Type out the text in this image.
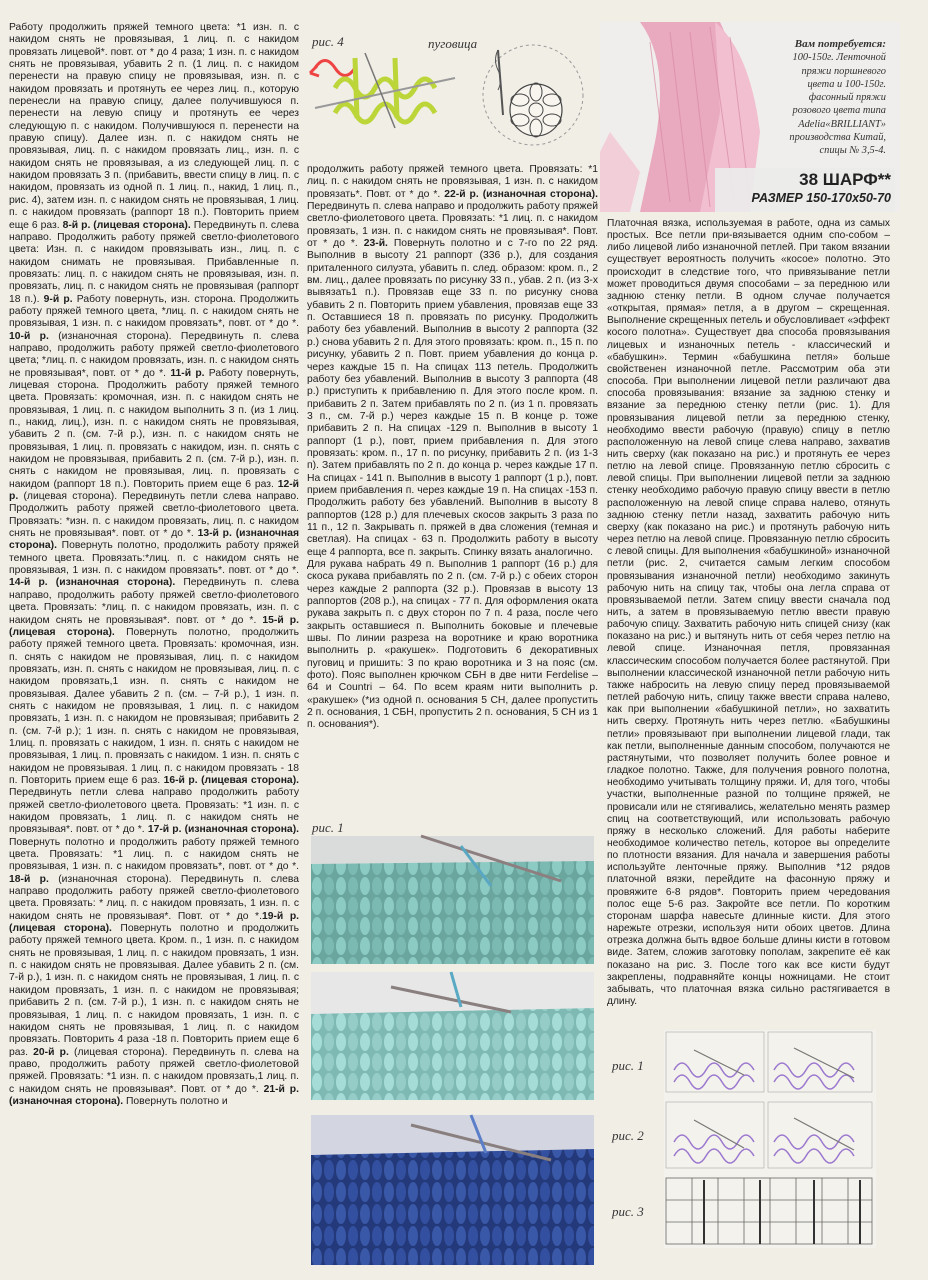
Работу продолжить пряжей темного цвета: *1 изн. п. с накидом снять не провязывая, 1 лиц. п. с накидом провязать лицевой*. повт. от * до 4 раза; 1 изн. п. с накидом снять не провязывая, убавить 2 п. (1 лиц. п. с накидом перенести на правую спицу не провязывая, изн. п. с накидом провязать и протянуть ее через лиц. п., которую перенесли на правую спицу, далее получившуюся п. перенести на левую спицу и протянуть ее через следующую п. с накидом. Получившуюся п. перенести на правую спицу). Далее изн. п. с накидом снять не провязывая, лиц. п. с накидом провязать лиц., изн. п. с накидом снять не провязывая, а из следующей лиц. п. с накидом провязать 3 п. (прибавить, ввести спицу в лиц. п. с накидом, провязать из одной п. 1 лиц. п., накид, 1 лиц. п., рис. 4), затем изн. п. с накидом снять не провязывая, 1 лиц. п. с накидом провязать (раппорт 18 п.). Повторить прием еще 6 раз. 8-й р. (лицевая сторона). Передвинуть п. слева направо. Продолжить работу пряжей светло-фиолетового цвета: Изн. п. с накидом провязывать изн., лиц. п. с накидом снимать не провязывая. Прибавленные п. провязать: лиц. п. с накидом снять не провязывая, изн. п. провязать, лиц. п. с накидом снять не провязывая (раппорт 18 п.). 9-й р. Работу повернуть, изн. сторона. Продолжить работу пряжей темного цвета, *лиц. п. с накидом снять не провязывая, 1 изн. п. с накидом провязать*, повт. от * до *. 10-й р. (изнаночная сторона). Передвинуть п. слева направо, продолжить работу пряжей светло-фиолетового цвета; *лиц. п. с накидом провязать, изн. п. с накидом снять не провязывая*, повт. от * до *. 11-й р. Работу повернуть, лицевая сторона. Продолжить работу пряжей темного цвета. Провязать: кромочная, изн. п. с накидом снять не провязывая, 1 лиц. п. с накидом выполнить 3 п. (из 1 лиц. п., накид, лиц.), изн. п. с накидом снять не провязывая, убавить 2 п. (см. 7-й р.), изн. п. с накидом снять не провязывая, 1 лиц. п. провязать с накидом, изн. п. снять с накидом не провязывая, прибавить 2 п. (см. 7-й р.), изн. п. снять с накидом не провязывая, лиц. п. провязать с накидом (раппорт 18 п.). Повторить прием еще 6 раз. 12-й р. (лицевая сторона). Передвинуть петли слева направо. Продолжить работу пряжей светло-фиолетового цвета. Провязать: *изн. п. с накидом провязать, лиц. п. с накидом снять не провязывая*. повт. от * до *. 13-й р. (изнаночная сторона). Повернуть полотно, продолжить работу пряжей темного цвета. Провязать:*лиц. п. с накидом снять не провязывая, 1 изн. п. с накидом провязать*. повт. от * до *. 14-й р. (изнаночная сторона). Передвинуть п. слева направо, продолжить работу пряжей светло-фиолетового цвета. Провязать: *лиц. п. с накидом провязать, изн. п. с накидом снять не провязывая*. повт. от * до *. 15-й р. (лицевая сторона). Повернуть полотно, продолжить работу пряжей темного цвета. Провязать: кромочная, изн. п. снять с накидом не провязывая, лиц. п. с накидом провязать, изн. п. снять с накидом не провязывая, лиц. п. с накидом провязать,1 изн. п. снять с накидом не провязывая. Далее убавить 2 п. (см. – 7-й р.), 1 изн. п. снять с накидом не провязывая, 1 лиц. п. с накидом провязать, 1 изн. п. с накидом не провязывая; прибавить 2 п. (см. 7-й р.); 1 изн. п. снять с накидом не провязывая, 1лиц. п. провязать с накидом, 1 изн. п. снять с накидом не провязывая, 1 лиц. п. провязать с накидом. 1 изн. п. снять с накидом не провязывая. 1 лиц. п. с накидом провязать - 18 п. Повторить прием еще 6 раз. 16-й р. (лицевая сторона). Передвинуть петли слева направо продолжить работу пряжей светло-фиолетового цвета. Провязать: *1 изн. п. с накидом провязать, 1 лиц. п. с накидом снять не провязывая*. повт. от * до *. 17-й р. (изнаночная сторона). Повернуть полотно и продолжить работу пряжей темного цвета. Провязать: *1 лиц. п. с накидом снять не провязывая, 1 изн. п. с накидом провязать*, повт. от * до *. 18-й р. (изнаночная сторона). Передвинуть п. слева направо продолжить работу пряжей светло-фиолетового цвета. Провязать: * лиц. п. с накидом провязать, 1 изн. п. с накидом снять не провязывая*. Повт. от * до *.19-й р. (лицевая сторона). Повернуть полотно и продолжить работу пряжей темного цвета. Кром. п., 1 изн. п. с накидом снять не провязывая, 1 лиц. п. с накидом провязать, 1 изн. п. с накидом снять не провязывая. Далее убавить 2 п. (см. 7-й р.), 1 изн. п. с накидом снять не провязывая, 1 лиц. п. с накидом провязать, 1 изн. п. с накидом не провязывая; прибавить 2 п. (см. 7-й р.), 1 изн. п. с накидом снять не провязывая, 1 лиц. п. с накидом провязать, 1 изн. п. с накидом снять не провязывая, 1 лиц. п. с накидом провязать. Повторить 4 раза -18 п. Повторить прием еще 6 раз. 20-й р. (лицевая сторона). Передвинуть п. слева на право, продолжить работу пряжей светло-фиолетовой пряжей. Провязать: *1 изн. п. с накидом провязать,1 лиц. п. с накидом снять не провязывая*. Повт. от * до *. 21-й р. (изнаночная сторона). Повернуть полотно и

продолжить работу пряжей темного цвета. Провязать: *1 лиц. п. с накидом снять не провязывая, 1 изн. п. с накидом провязать*. Повт. от * до *. 22-й р. (изнаночная сторона). Передвинуть п. слева направо и продолжить работу пряжей светло-фиолетового цвета. Провязать: *1 лиц. п. с накидом провязать, 1 изн. п. с накидом снять не провязывая*. Повт. от * до *. 23-й. Повернуть полотно и с 7-го по 22 ряд. Выполнив в высоту 21 раппорт (336 р.), для создания приталенного силуэта, убавить п. след. образом: кром. п., 2 вм. лиц., далее провязать по рисунку 33 п., убав. 2 п. (из 3-х вывязать1 п.). Провязав еще 33 п. по рисунку снова убавить 2 п. Повторить прием убавления, провязав еще 33 п. Оставшиеся 18 п. провязать по рисунку. Продолжить работу без убавлений. Выполнив в высоту 2 раппорта (32 р.) снова убавить 2 п. Для этого провязать: кром. п., 15 п. по рисунку, убавить 2 п. Повт. прием убавления до конца р. через каждые 15 п. На спицах 113 петель. Продолжить работу без убавлений. Выполнив в высоту 3 раппорта (48 р.) приступить к прибавлению п. Для этого после кром. п. прибавить 2 п. Затем прибавлять по 2 п. (из 1 п. провязать 3 п., см. 7-й р.) через каждые 15 п. В конце р. тоже прибавить 2 п. На спицах -129 п. Выполнив в высоту 1 раппорт (1 р.), повт, прием прибавления п. Для этого провязать: кром. п., 17 п. по рисунку, прибавить 2 п. (из 1-3 п). Затем прибавлять по 2 п. до конца р. через каждые 17 п. На спицах - 141 п. Выполнив в высоту 1 раппорт (1 р.), повт. прием прибавления п. через каждые 19 п. На спицах -153 п. Продолжить работу без убавлений. Выполнив в высоту 8 раппортов (128 р.) для плечевых скосов закрыть 3 раза по 11 п., 12 п. Закрывать п. пряжей в два сложения (темная и светлая). На спицах - 63 п. Продолжить работу в высоту еще 4 раппорта, все п. закрыть. Спинку вязать аналогично.

Для рукава набрать 49 п. Выполнив 1 раппорт (16 р.) для скоса рукава прибавлять по 2 п. (см. 7-й р.) с обеих сторон через каждые 2 раппорта (32 р.). Провязав в высоту 13 раппортов (208 р.), на спицах - 77 п. Для оформления оката рукава закрыть п. с двух сторон по 7 п. 4 раза, после чего закрыть оставшиеся п. Выполнить боковые и плечевые швы. По линии разреза на воротнике и краю воротника выполнить р. «ракушек». Подготовить 6 декоративных пуговиц и пришить: 3 по краю воротника и 3 на пояс (см. фото). Пояс выполнен крючком СБН в две нити Ferdelise – 64 и Countri – 64. По всем краям нити выполнить р. «ракушек» (*из одной п. основания 5 СН, далее пропустить 2 п. основания, 1 СБН, пропустить 2 п. основания, 5 СН из 1 п. основания*).

рис. 4	пуговица	Вам потребуется:
100-150г. Ленточной
пряжи поршневого
цвета и 100-150г.
фасонный пряжи
розового цвета типа
Adelia«BRILLIANT»
производства Китай,
спицы № 3,5-4.
38 ШАРФ**
РАЗМЕР 150-170х50-70

Платочная вязка, используемая в работе, одна из самых простых. Все петли при-вязывается одним спо-собом – либо лицевой либо изнаночной петлей. При таком вязании существует вероятность получить «косое» полотно. Это происходит в следствие того, что привязывание петли может проводиться двумя способами – за переднюю или заднюю стенку петли. В одном случае получается «открытая, прямая» петля, а в другом – скрещенная. Выполнение скрещенных петель и обусловливает «эффект косого полотна». Существует два способа провязывания лицевых и изнаночных петель - классический и «бабушкин». Термин «бабушкина петля» больше свойственен изнаночной петле. Рассмотрим оба эти способа. При выполнении лицевой петли различают два способа провязывания: вязание за заднюю стенку и вязание за переднюю стенку петли (рис. 1). Для провязывания лицевой петли за переднюю стенку, необходимо ввести рабочую (правую) спицу в петлю расположенную на левой спице слева направо, захватив нить сверху (как показано на рис.) и протянуть ее через петлю на левой спице. Провязанную петлю сбросить с левой спицы. При выполнении лицевой петли за заднюю стенку необходимо рабочую правую спицу ввести в петлю расположенную на левой спице справа налево, отянуть заднюю стенку петли назад, захватить рабочую нить сверху (как показано на рис.) и протянуть рабочую нить через петлю на левой спице. Провязанную петлю сбросить с левой спицы. Для выполнения «бабушкиной» изнаночной петли (рис. 2, считается самым легким способом провязывания изнаночной петли) необходимо закинуть рабочую нить на спицу так, чтобы она легла справа от провязываемой петли. Затем спицу ввести сначала под нить, а затем в провязываемую петлю ввести правую рабочую спицу. Захватить рабочую нить спицей снизу (как показано на рис.) и вытянуть нить от себя через петлю на левой спице. Изнаночная петля, провязанная классическим способом получается более растянутой. При выполнении классической изнаночной петли рабочую нить также набросить на левую спицу перед провязываемой петлей рабочую нить, спицу также ввести справа налево, как при выполнении «бабушкиной петли», но захватить нить сверху. Протянуть нить через петлю. «Бабушкины петли» провязывают при выполнении лицевой глади, так как петли, выполненные данным способом, получаются не растянутыми, что позволяет получить более ровное и гладкое полотно. Также, для получения ровного полотна, необходимо учитывать толщину пряжи. И, для того, чтобы участки, выполненные разной по толщине пряжей, не провисали или не стягивались, желательно менять размер спиц на соответствующий, или использовать рабочую пряжу в несколько сложений. Для работы наберите необходимое количество петель, которое вы определите по плотности вязания. Для начала и завершения работы используйте ленточные пряжу. Выполнив *12 рядов платочной вязки, перейдите на фасонную пряжу и провяжите 6-8 рядов*. Повторить прием чередования полос еще 5-6 раз. Закройте все петли. По коротким сторонам шарфа навесьте длинные кисти. Для этого нарежьте отрезки, используя нити обоих цветов. Длина отрезка должна быть вдвое больше длины кисти в готовом виде. Затем, сложив заготовку пополам, закрепите её как показано на рис. 3. После того как все кисти будут закреплены, подравняйте концы ножницами. Не стоит забывать, что платочная вязка сильно растягивается в длину.

рис. 1
рис. 1
рис. 2
рис. 3
